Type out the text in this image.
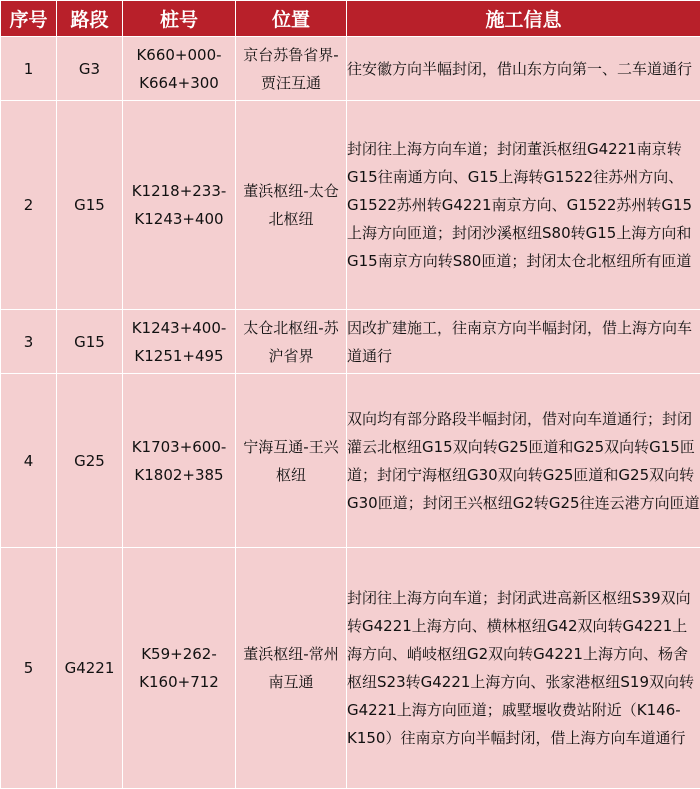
序号	路段	桩号	位置	施工信息
1	G3	K660+000-K664+300	京台苏鲁省界-贾汪互通	往安徽方向半幅封闭，借山东方向第一、二车道通行
2	G15	K1218+233-K1243+400	董浜枢纽-太仓北枢纽	封闭往上海方向车道；封闭董浜枢纽G4221南京转G15往南通方向、G15上海转G1522往苏州方向、G1522苏州转G4221南京方向、G1522苏州转G15上海方向匝道；封闭沙溪枢纽S80转G15上海方向和G15南京方向转S80匝道；封闭太仓北枢纽所有匝道
3	G15	K1243+400-K1251+495	太仓北枢纽-苏沪省界	因改扩建施工，往南京方向半幅封闭，借上海方向车道通行
4	G25	K1703+600-K1802+385	宁海互通-王兴枢纽	双向均有部分路段半幅封闭，借对向车道通行；封闭灌云北枢纽G15双向转G25匝道和G25双向转G15匝道；封闭宁海枢纽G30双向转G25匝道和G25双向转G30匝道；封闭王兴枢纽G2转G25往连云港方向匝道
5	G4221	K59+262-K160+712	董浜枢纽-常州南互通	封闭往上海方向车道；封闭武进高新区枢纽S39双向转G4221上海方向、横林枢纽G42双向转G4221上海方向、峭岐枢纽G2双向转G4221上海方向、杨舍枢纽S23转G4221上海方向、张家港枢纽S19双向转G4221上海方向匝道；戚墅堰收费站附近（K146-K150）往南京方向半幅封闭，借上海方向车道通行
